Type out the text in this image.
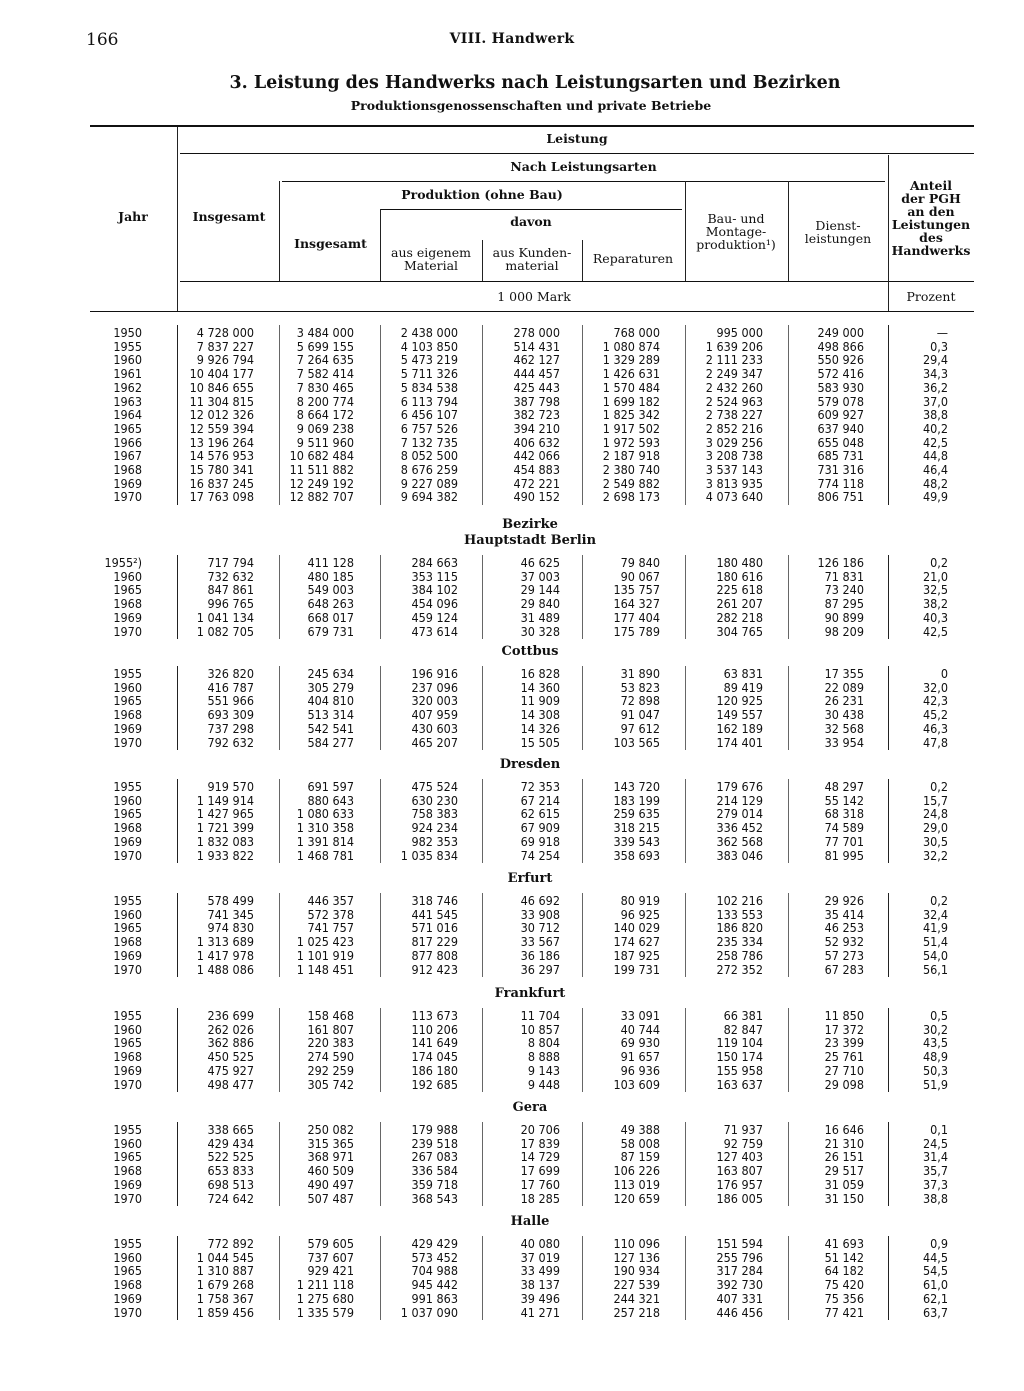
166	VIII. Handwerk
3. Leistung des Handwerks nach Leistungsarten und Bezirken
Produktionsgenossenschaften und private Betriebe
Jahr
Leistung
Insgesamt
Nach Leistungsarten
Produktion (ohne Bau)
Insgesamt
davon
aus eigenem
Material
aus Kunden-
material	Reparaturen
Bau- und
Montage-
produktion¹)
Dienst-
leistungen
Anteil
der PGH
an den
Leistungen
des
Handwerks
1 000 Mark	Prozent
Bezirke
1950	4 728 000	3 484 000	2 438 000	278 000	768 000	995 000	249 000	—
1955	7 837 227	5 699 155	4 103 850	514 431	1 080 874	1 639 206	498 866	0,3
1960	9 926 794	7 264 635	5 473 219	462 127	1 329 289	2 111 233	550 926	29,4
1961	10 404 177	7 582 414	5 711 326	444 457	1 426 631	2 249 347	572 416	34,3
1962	10 846 655	7 830 465	5 834 538	425 443	1 570 484	2 432 260	583 930	36,2
1963	11 304 815	8 200 774	6 113 794	387 798	1 699 182	2 524 963	579 078	37,0
1964	12 012 326	8 664 172	6 456 107	382 723	1 825 342	2 738 227	609 927	38,8
1965	12 559 394	9 069 238	6 757 526	394 210	1 917 502	2 852 216	637 940	40,2
1966	13 196 264	9 511 960	7 132 735	406 632	1 972 593	3 029 256	655 048	42,5
1967	14 576 953	10 682 484	8 052 500	442 066	2 187 918	3 208 738	685 731	44,8
1968	15 780 341	11 511 882	8 676 259	454 883	2 380 740	3 537 143	731 316	46,4
1969	16 837 245	12 249 192	9 227 089	472 221	2 549 882	3 813 935	774 118	48,2
1970	17 763 098	12 882 707	9 694 382	490 152	2 698 173	4 073 640	806 751	49,9
Hauptstadt Berlin
1955²)	717 794	411 128	284 663	46 625	79 840	180 480	126 186	0,2
1960	732 632	480 185	353 115	37 003	90 067	180 616	71 831	21,0
1965	847 861	549 003	384 102	29 144	135 757	225 618	73 240	32,5
1968	996 765	648 263	454 096	29 840	164 327	261 207	87 295	38,2
1969	1 041 134	668 017	459 124	31 489	177 404	282 218	90 899	40,3
1970	1 082 705	679 731	473 614	30 328	175 789	304 765	98 209	42,5
Cottbus
1955	326 820	245 634	196 916	16 828	31 890	63 831	17 355	0
1960	416 787	305 279	237 096	14 360	53 823	89 419	22 089	32,0
1965	551 966	404 810	320 003	11 909	72 898	120 925	26 231	42,3
1968	693 309	513 314	407 959	14 308	91 047	149 557	30 438	45,2
1969	737 298	542 541	430 603	14 326	97 612	162 189	32 568	46,3
1970	792 632	584 277	465 207	15 505	103 565	174 401	33 954	47,8
Dresden
1955	919 570	691 597	475 524	72 353	143 720	179 676	48 297	0,2
1960	1 149 914	880 643	630 230	67 214	183 199	214 129	55 142	15,7
1965	1 427 965	1 080 633	758 383	62 615	259 635	279 014	68 318	24,8
1968	1 721 399	1 310 358	924 234	67 909	318 215	336 452	74 589	29,0
1969	1 832 083	1 391 814	982 353	69 918	339 543	362 568	77 701	30,5
1970	1 933 822	1 468 781	1 035 834	74 254	358 693	383 046	81 995	32,2
Erfurt
1955	578 499	446 357	318 746	46 692	80 919	102 216	29 926	0,2
1960	741 345	572 378	441 545	33 908	96 925	133 553	35 414	32,4
1965	974 830	741 757	571 016	30 712	140 029	186 820	46 253	41,9
1968	1 313 689	1 025 423	817 229	33 567	174 627	235 334	52 932	51,4
1969	1 417 978	1 101 919	877 808	36 186	187 925	258 786	57 273	54,0
1970	1 488 086	1 148 451	912 423	36 297	199 731	272 352	67 283	56,1
Frankfurt
1955	236 699	158 468	113 673	11 704	33 091	66 381	11 850	0,5
1960	262 026	161 807	110 206	10 857	40 744	82 847	17 372	30,2
1965	362 886	220 383	141 649	8 804	69 930	119 104	23 399	43,5
1968	450 525	274 590	174 045	8 888	91 657	150 174	25 761	48,9
1969	475 927	292 259	186 180	9 143	96 936	155 958	27 710	50,3
1970	498 477	305 742	192 685	9 448	103 609	163 637	29 098	51,9
Gera
1955	338 665	250 082	179 988	20 706	49 388	71 937	16 646	0,1
1960	429 434	315 365	239 518	17 839	58 008	92 759	21 310	24,5
1965	522 525	368 971	267 083	14 729	87 159	127 403	26 151	31,4
1968	653 833	460 509	336 584	17 699	106 226	163 807	29 517	35,7
1969	698 513	490 497	359 718	17 760	113 019	176 957	31 059	37,3
1970	724 642	507 487	368 543	18 285	120 659	186 005	31 150	38,8
Halle
1955	772 892	579 605	429 429	40 080	110 096	151 594	41 693	0,9
1960	1 044 545	737 607	573 452	37 019	127 136	255 796	51 142	44,5
1965	1 310 887	929 421	704 988	33 499	190 934	317 284	64 182	54,5
1968	1 679 268	1 211 118	945 442	38 137	227 539	392 730	75 420	61,0
1969	1 758 367	1 275 680	991 863	39 496	244 321	407 331	75 356	62,1
1970	1 859 456	1 335 579	1 037 090	41 271	257 218	446 456	77 421	63,7
